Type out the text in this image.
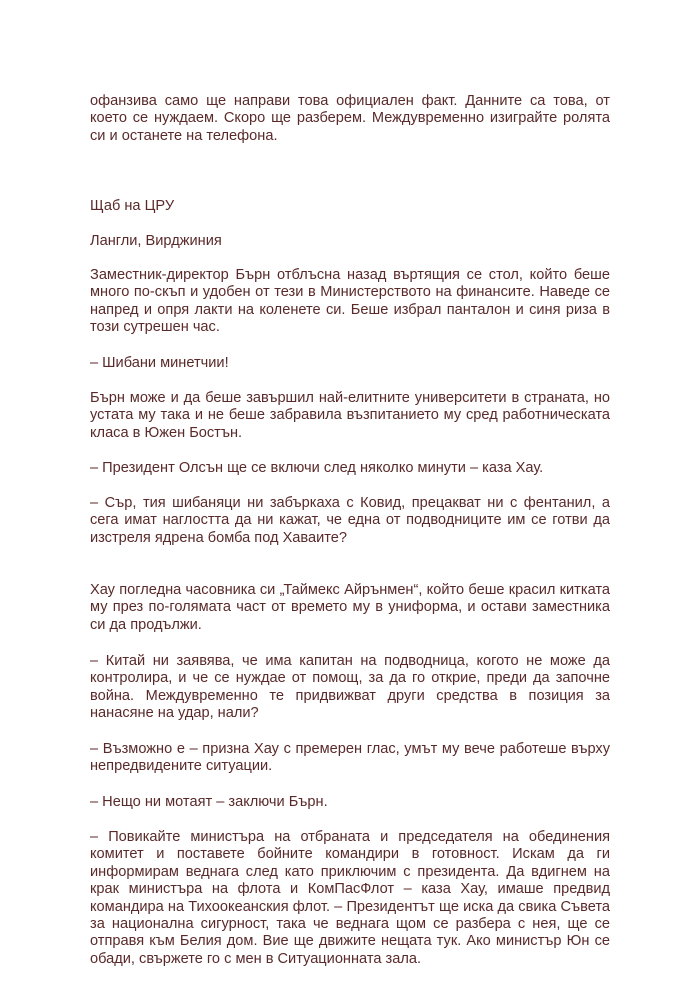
офанзива само ще направи това официален факт. Данните са това, от което се нуждаем. Скоро ще разберем. Междувременно изиграйте ролята си и останете на телефона.

Щаб на ЦРУ

Лангли, Вирджиния

Заместник-директор Бърн отблъсна назад въртящия се стол, който беше много по-скъп и удобен от тези в Министерството на финансите. Наведе се напред и опря лакти на коленете си. Беше избрал панталон и синя риза в този сутрешен час.

– Шибани минетчии!

Бърн може и да беше завършил най-елитните университети в страната, но устата му така и не беше забравила възпитанието му сред работническата класа в Южен Бостън.

– Президент Олсън ще се включи след няколко минути – каза Хау.

– Сър, тия шибаняци ни забъркаха с Ковид, прецакват ни с фентанил, а сега имат наглостта да ни кажат, че една от подводниците им се готви да изстреля ядрена бомба под Хаваите?

Хау погледна часовника си „Таймекс Айрънмен“, който беше красил китката му през по-голямата част от времето му в униформа, и остави заместника си да продължи.

– Китай ни заявява, че има капитан на подводница, когото не може да контролира, и че се нуждае от помощ, за да го открие, преди да започне война. Междувременно те придвижват други средства в позиция за нанасяне на удар, нали?

– Възможно е – призна Хау с премерен глас, умът му вече работеше върху непредвидените ситуации.

– Нещо ни мотаят – заключи Бърн.

– Повикайте министъра на отбраната и председателя на обединения комитет и поставете бойните командири в готовност. Искам да ги информирам веднага след като приключим с президента. Да вдигнем на крак министъра на флота и КомПасФлот – каза Хау, имаше предвид командира на Тихоокеанския флот. – Президентът ще иска да свика Съвета за национална сигурност, така че веднага щом се разбера с нея, ще се отправя към Белия дом. Вие ще движите нещата тук. Ако министър Юн се обади, свържете го с мен в Ситуационната зала.
